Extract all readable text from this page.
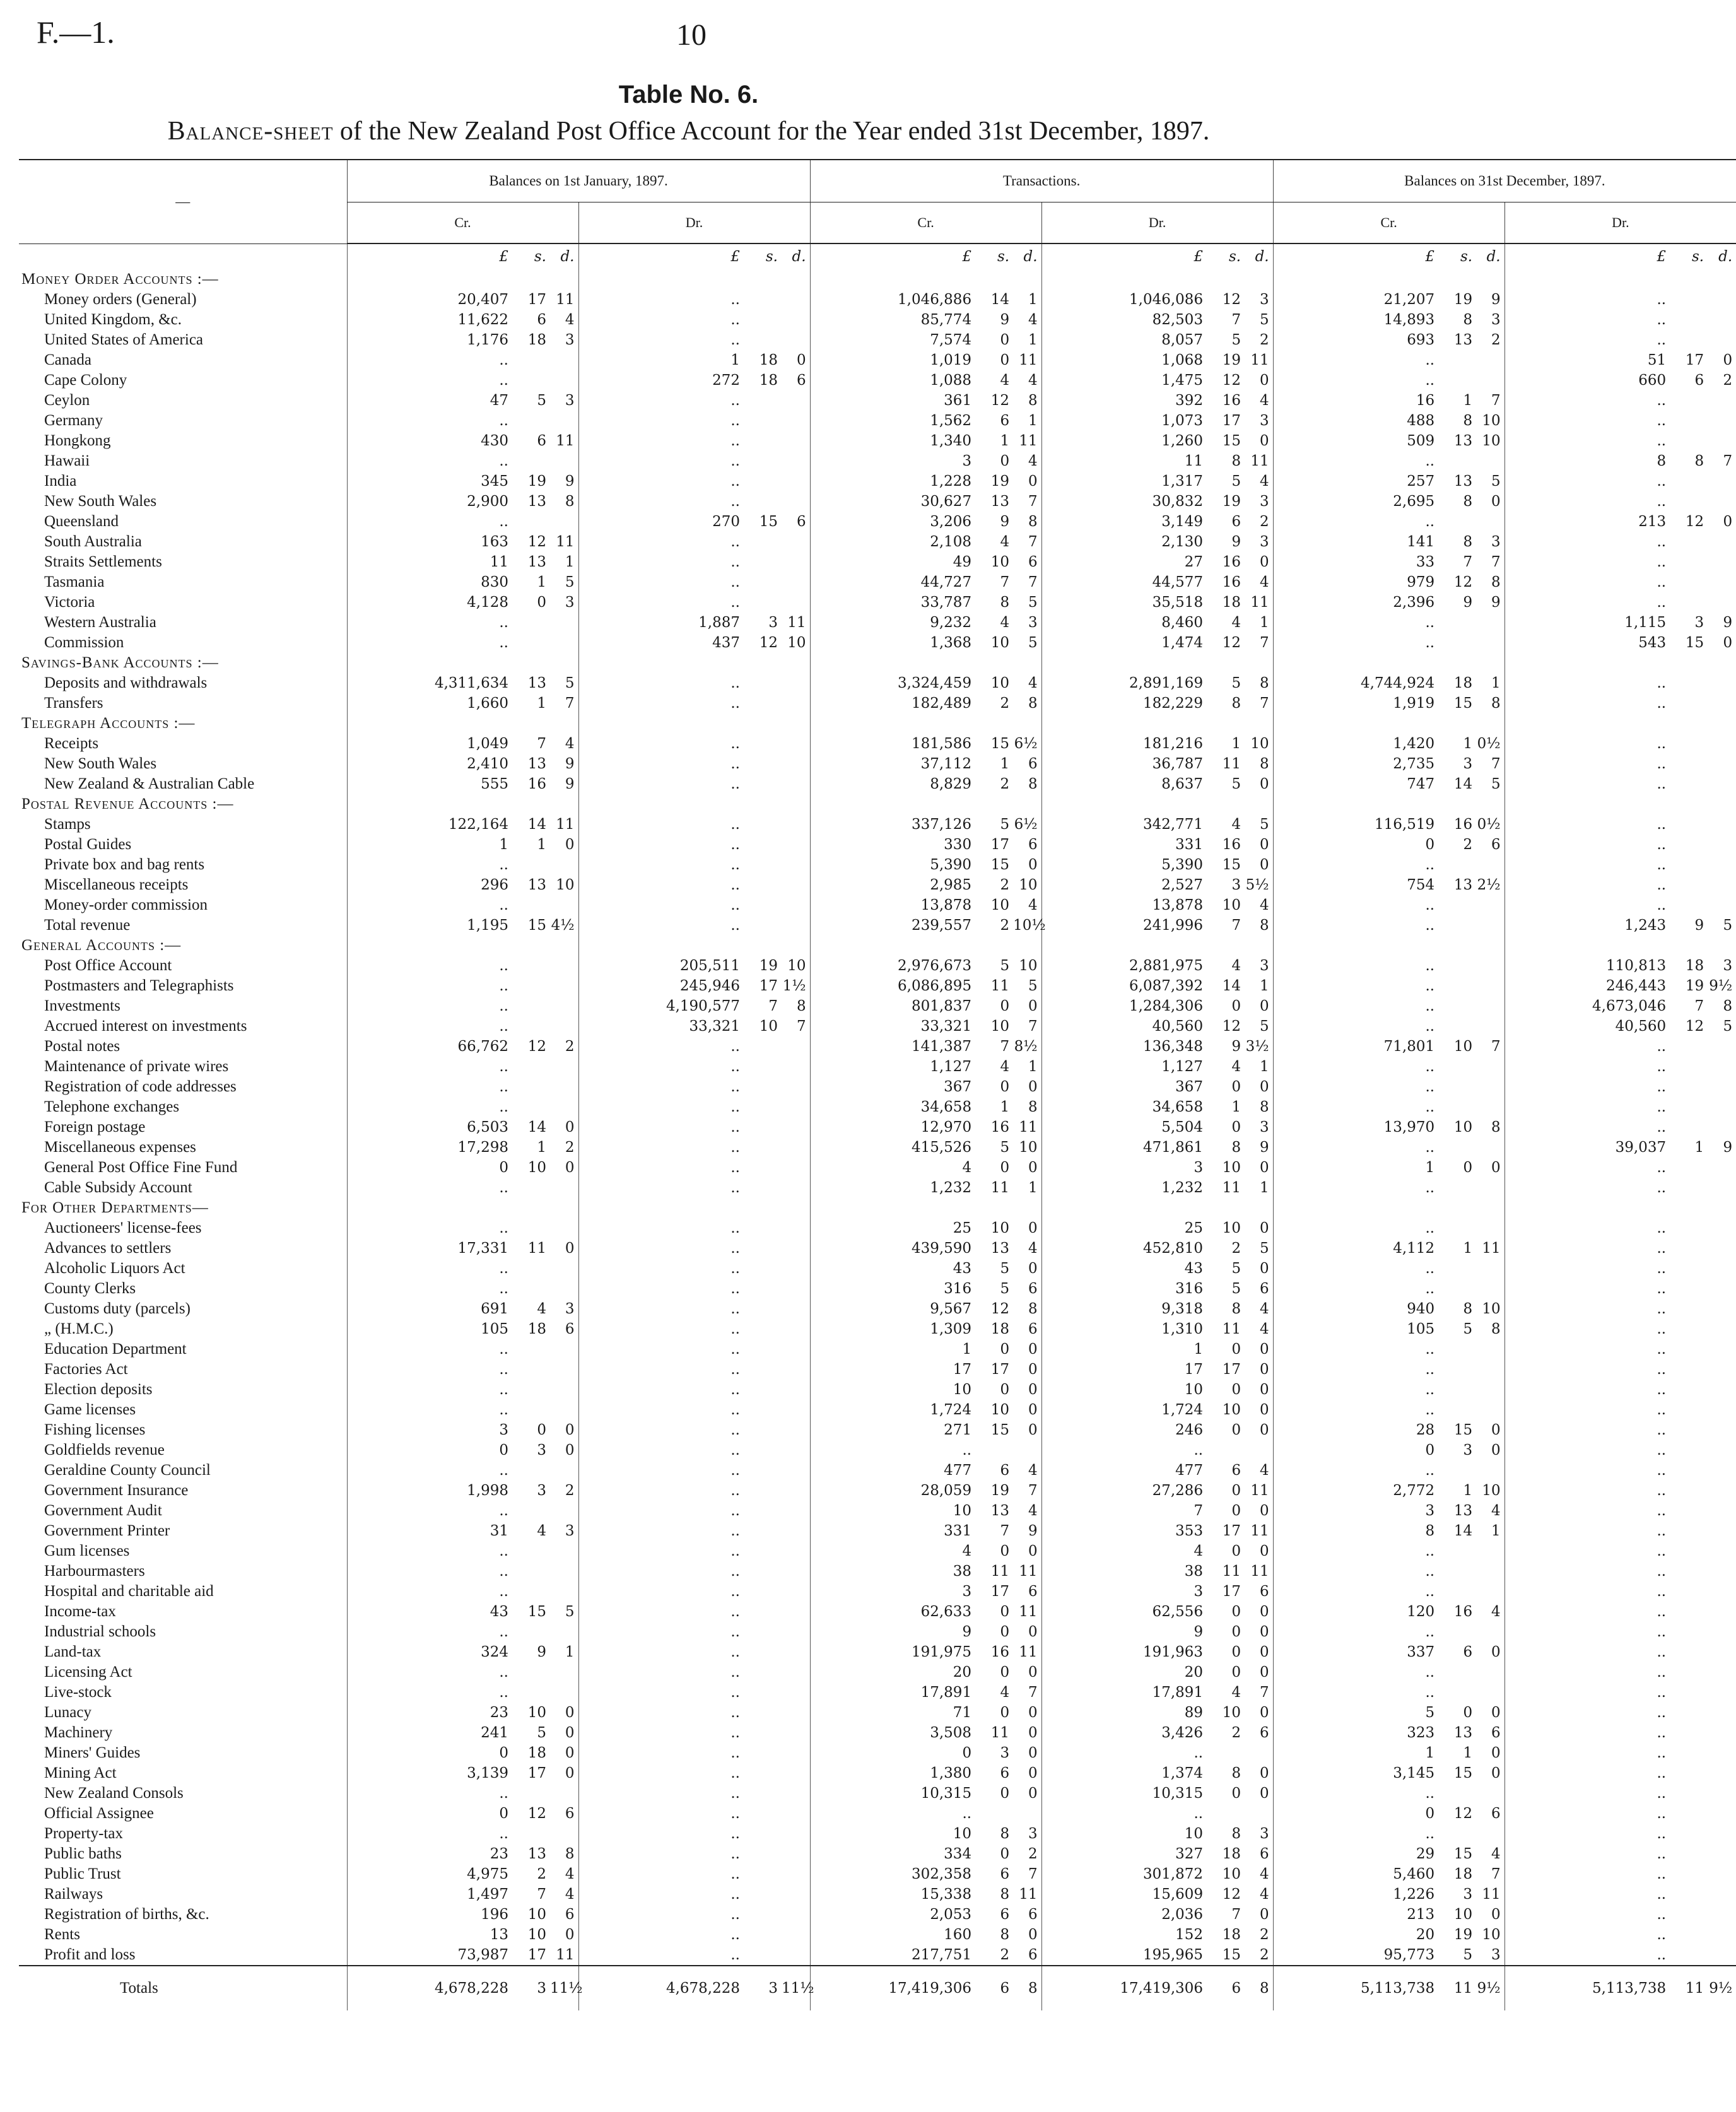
F.—1.	10
Table No. 6.
Balance-sheet of the New Zealand Post Office Account for the Year ended 31st December, 1897.
—	Balances on 1st January, 1897.						Transactions.						Balances on 31st December, 1897.					
	Cr.			Dr.			Cr.			Dr.			Cr.			Dr.		
	£	s.	d.	£	s.	d.	£	s.	d.	£	s.	d.	£	s.	d.	£	s.	d.
Money Order Accounts :—																		
Money orders (General)	20,407	17	11	..			1,046,886	14	1	1,046,086	12	3	21,207	19	9	..		
United Kingdom, &c.	11,622	6	4	..			85,774	9	4	82,503	7	5	14,893	8	3	..		
United States of America	1,176	18	3	..			7,574	0	1	8,057	5	2	693	13	2	..		
Canada	..			1	18	0	1,019	0	11	1,068	19	11	..			51	17	0
Cape Colony	..			272	18	6	1,088	4	4	1,475	12	0	..			660	6	2
Ceylon	47	5	3	..			361	12	8	392	16	4	16	1	7	..		
Germany	..			..			1,562	6	1	1,073	17	3	488	8	10	..		
Hongkong	430	6	11	..			1,340	1	11	1,260	15	0	509	13	10	..		
Hawaii	..			..			3	0	4	11	8	11	..			8	8	7
India	345	19	9	..			1,228	19	0	1,317	5	4	257	13	5	..		
New South Wales	2,900	13	8	..			30,627	13	7	30,832	19	3	2,695	8	0	..		
Queensland	..			270	15	6	3,206	9	8	3,149	6	2	..			213	12	0
South Australia	163	12	11	..			2,108	4	7	2,130	9	3	141	8	3	..		
Straits Settlements	11	13	1	..			49	10	6	27	16	0	33	7	7	..		
Tasmania	830	1	5	..			44,727	7	7	44,577	16	4	979	12	8	..		
Victoria	4,128	0	3	..			33,787	8	5	35,518	18	11	2,396	9	9	..		
Western Australia	..			1,887	3	11	9,232	4	3	8,460	4	1	..			1,115	3	9
Commission	..			437	12	10	1,368	10	5	1,474	12	7	..			543	15	0
Savings-Bank Accounts :—																		
Deposits and withdrawals	4,311,634	13	5	..			3,324,459	10	4	2,891,169	5	8	4,744,924	18	1	..		
Transfers	1,660	1	7	..			182,489	2	8	182,229	8	7	1,919	15	8	..		
Telegraph Accounts :—																		
Receipts	1,049	7	4	..			181,586	15	6½	181,216	1	10	1,420	1	0½	..		
New South Wales	2,410	13	9	..			37,112	1	6	36,787	11	8	2,735	3	7	..		
New Zealand & Australian Cable	555	16	9	..			8,829	2	8	8,637	5	0	747	14	5	..		
Postal Revenue Accounts :—																		
Stamps	122,164	14	11	..			337,126	5	6½	342,771	4	5	116,519	16	0½	..		
Postal Guides	1	1	0	..			330	17	6	331	16	0	0	2	6	..		
Private box and bag rents	..			..			5,390	15	0	5,390	15	0	..			..		
Miscellaneous receipts	296	13	10	..			2,985	2	10	2,527	3	5½	754	13	2½	..		
Money-order commission	..			..			13,878	10	4	13,878	10	4	..			..		
Total revenue	1,195	15	4½	..			239,557	2	10½	241,996	7	8	..			1,243	9	5
General Accounts :—																		
Post Office Account	..			205,511	19	10	2,976,673	5	10	2,881,975	4	3	..			110,813	18	3
Postmasters and Telegraphists	..			245,946	17	1½	6,086,895	11	5	6,087,392	14	1	..			246,443	19	9½
Investments	..			4,190,577	7	8	801,837	0	0	1,284,306	0	0	..			4,673,046	7	8
Accrued interest on investments	..			33,321	10	7	33,321	10	7	40,560	12	5	..			40,560	12	5
Postal notes	66,762	12	2	..			141,387	7	8½	136,348	9	3½	71,801	10	7	..		
Maintenance of private wires	..			..			1,127	4	1	1,127	4	1	..			..		
Registration of code addresses	..			..			367	0	0	367	0	0	..			..		
Telephone exchanges	..			..			34,658	1	8	34,658	1	8	..			..		
Foreign postage	6,503	14	0	..			12,970	16	11	5,504	0	3	13,970	10	8	..		
Miscellaneous expenses	17,298	1	2	..			415,526	5	10	471,861	8	9	..			39,037	1	9
General Post Office Fine Fund	0	10	0	..			4	0	0	3	10	0	1	0	0	..		
Cable Subsidy Account	..			..			1,232	11	1	1,232	11	1	..			..		
For Other Departments—																		
Auctioneers' license-fees	..			..			25	10	0	25	10	0	..			..		
Advances to settlers	17,331	11	0	..			439,590	13	4	452,810	2	5	4,112	1	11	..		
Alcoholic Liquors Act	..			..			43	5	0	43	5	0	..			..		
County Clerks	..			..			316	5	6	316	5	6	..			..		
Customs duty (parcels)	691	4	3	..			9,567	12	8	9,318	8	4	940	8	10	..		
„ (H.M.C.)	105	18	6	..			1,309	18	6	1,310	11	4	105	5	8	..		
Education Department	..			..			1	0	0	1	0	0	..			..		
Factories Act	..			..			17	17	0	17	17	0	..			..		
Election deposits	..			..			10	0	0	10	0	0	..			..		
Game licenses	..			..			1,724	10	0	1,724	10	0	..			..		
Fishing licenses	3	0	0	..			271	15	0	246	0	0	28	15	0	..		
Goldfields revenue	0	3	0	..			..			..			0	3	0	..		
Geraldine County Council	..			..			477	6	4	477	6	4	..			..		
Government Insurance	1,998	3	2	..			28,059	19	7	27,286	0	11	2,772	1	10	..		
Government Audit	..			..			10	13	4	7	0	0	3	13	4	..		
Government Printer	31	4	3	..			331	7	9	353	17	11	8	14	1	..		
Gum licenses	..			..			4	0	0	4	0	0	..			..		
Harbourmasters	..			..			38	11	11	38	11	11	..			..		
Hospital and charitable aid	..			..			3	17	6	3	17	6	..			..		
Income-tax	43	15	5	..			62,633	0	11	62,556	0	0	120	16	4	..		
Industrial schools	..			..			9	0	0	9	0	0	..			..		
Land-tax	324	9	1	..			191,975	16	11	191,963	0	0	337	6	0	..		
Licensing Act	..			..			20	0	0	20	0	0	..			..		
Live-stock	..			..			17,891	4	7	17,891	4	7	..			..		
Lunacy	23	10	0	..			71	0	0	89	10	0	5	0	0	..		
Machinery	241	5	0	..			3,508	11	0	3,426	2	6	323	13	6	..		
Miners' Guides	0	18	0	..			0	3	0	..			1	1	0	..		
Mining Act	3,139	17	0	..			1,380	6	0	1,374	8	0	3,145	15	0	..		
New Zealand Consols	..			..			10,315	0	0	10,315	0	0	..			..		
Official Assignee	0	12	6	..			..			..			0	12	6	..		
Property-tax	..			..			10	8	3	10	8	3	..			..		
Public baths	23	13	8	..			334	0	2	327	18	6	29	15	4	..		
Public Trust	4,975	2	4	..			302,358	6	7	301,872	10	4	5,460	18	7	..		
Railways	1,497	7	4	..			15,338	8	11	15,609	12	4	1,226	3	11	..		
Registration of births, &c.	196	10	6	..			2,053	6	6	2,036	7	0	213	10	0	..		
Rents	13	10	0	..			160	8	0	152	18	2	20	19	10	..		
Profit and loss	73,987	17	11	..			217,751	2	6	195,965	15	2	95,773	5	3	..		
Totals	4,678,228	3	11½	4,678,228	3	11½	17,419,306	6	8	17,419,306	6	8	5,113,738	11	9½	5,113,738	11	9½
